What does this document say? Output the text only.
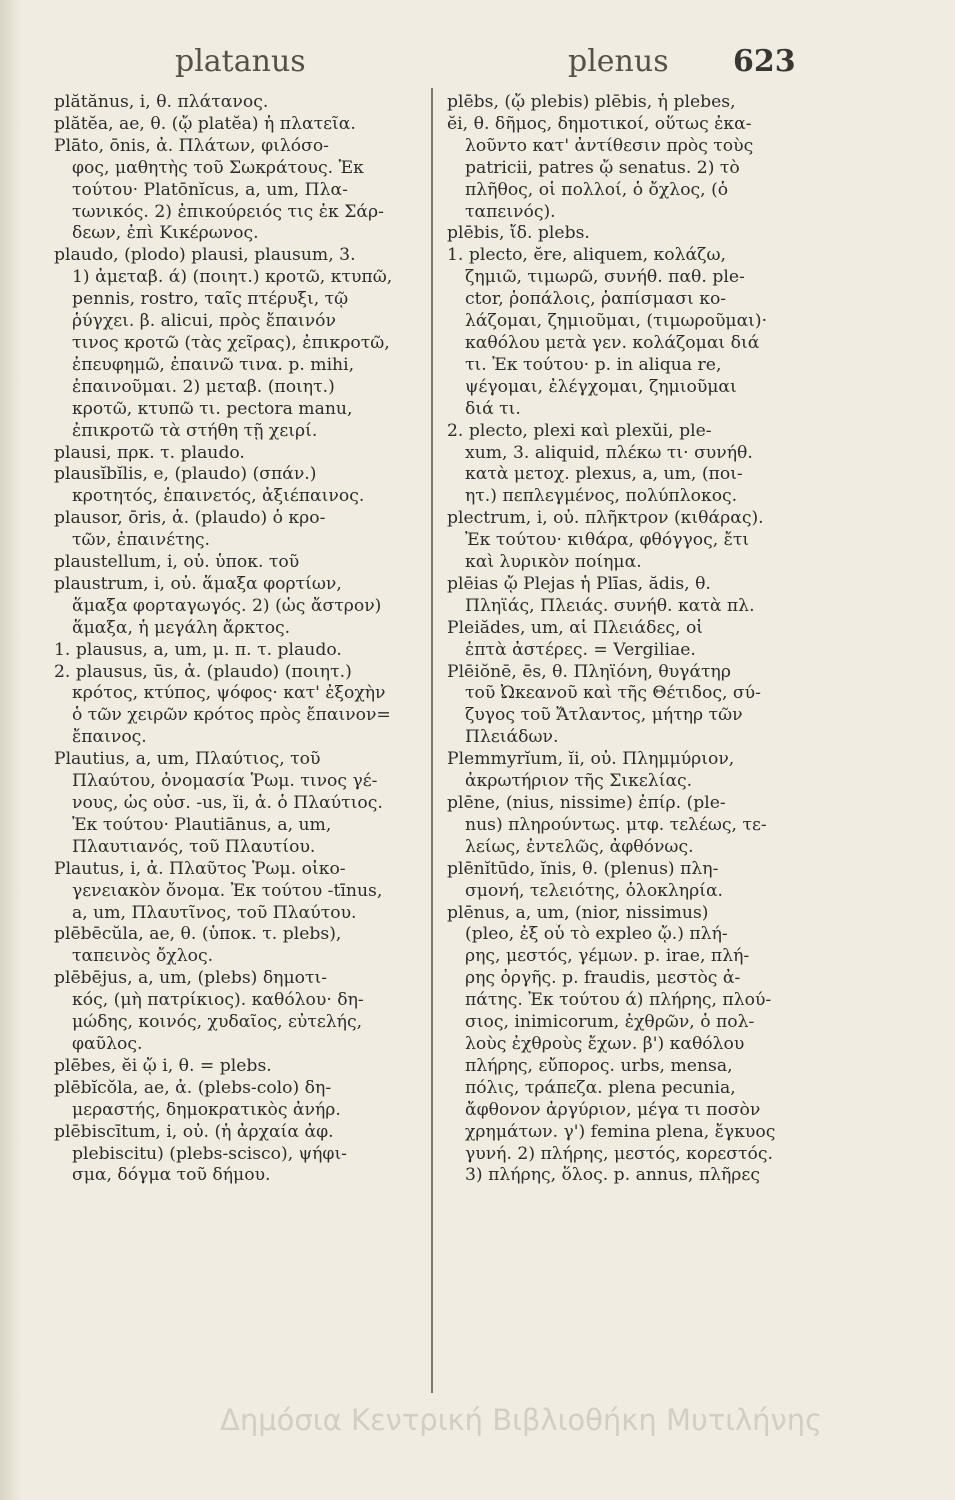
platanus	plenus 623
plătănus, i, θ. πλάτανος.
plătĕa, ae, θ. (ᾤ platĕa) ἡ πλατεῖα.
Plāto, ōnis, ἀ. Πλάτων, φιλόσο-
φος, μαθητὴς τοῦ Σωκράτους. Ἐκ
τούτου· Platōnĭcus, a, um, Πλα-
τωνικός. 2) ἐπικούρειός τις ἐκ Σάρ-
δεων, ἐπὶ Κικέρωνος.
plaudo, (plodo) plausi, plausum, 3.
1) ἀμεταβ. ά) (ποιητ.) κροτῶ, κτυπῶ,
pennis, rostro, ταῖς πτέρυξι, τῷ
ῥύγχει. β. alicui, πρὸς ἔπαινόν
τινος κροτῶ (τὰς χεῖρας), ἐπικροτῶ,
ἐπευφημῶ, ἐπαινῶ τινα. p. mihi,
ἐπαινοῦμαι. 2) μεταβ. (ποιητ.)
κροτῶ, κτυπῶ τι. pectora manu,
ἐπικροτῶ τὰ στήθη τῇ χειρί.
plausi, πρκ. τ. plaudo.
plausĭbĭlis, e, (plaudo) (σπάν.)
κροτητός, ἐπαινετός, ἀξιέπαινος.
plausor, ōris, ἀ. (plaudo) ὁ κρο-
τῶν, ἐπαινέτης.
plaustellum, i, οὐ. ὑποκ. τοῦ
plaustrum, i, οὐ. ἅμαξα φορτίων,
ἅμαξα φορταγωγός. 2) (ὡς ἄστρον)
ἅμαξα, ἡ μεγάλη ἄρκτος.
1. plausus, a, um, μ. π. τ. plaudo.
2. plausus, ūs, ἀ. (plaudo) (ποιητ.)
κρότος, κτύπος, ψόφος· κατ' ἐξοχὴν
ὁ τῶν χειρῶν κρότος πρὸς ἔπαινον=
ἔπαινος.
Plautius, a, um, Πλαύτιος, τοῦ
Πλαύτου, ὀνομασία Ῥωμ. τινος γέ-
νους, ὡς οὐσ. -us, ĭi, ἀ. ὁ Πλαύτιος.
Ἐκ τούτου· Plautiānus, a, um,
Πλαυτιανός, τοῦ Πλαυτίου.
Plautus, i, ἀ. Πλαῦτος Ῥωμ. οἰκο-
γενειακὸν ὄνομα. Ἐκ τούτου -tīnus,
a, um, Πλαυτῖνος, τοῦ Πλαύτου.
plēbēcŭla, ae, θ. (ὑποκ. τ. plebs),
ταπεινὸς ὄχλος.
plēbējus, a, um, (plebs) δημοτι-
κός, (μὴ πατρίκιος). καθόλου· δη-
μώδης, κοινός, χυδαῖος, εὐτελής,
φαῦλος.
plēbes, ĕi ᾤ i, θ. = plebs.
plēbĭcŏla, ae, ἀ. (plebs-colo) δη-
μεραστής, δημοκρατικὸς ἀνήρ.
plēbiscītum, i, οὐ. (ἡ ἀρχαία ἀφ.
plebiscitu) (plebs-scisco), ψήφι-
σμα, δόγμα τοῦ δήμου.
plēbs, (ᾤ plebis) plēbis, ἡ plebes,
ĕi, θ. δῆμος, δημοτικοί, οὕτως ἐκα-
λοῦντο κατ' ἀντίθεσιν πρὸς τοὺς
patricii, patres ᾤ senatus. 2) τὸ
πλῆθος, οἱ πολλοί, ὁ ὄχλος, (ὁ
ταπεινός).
plēbis, ἴδ. plebs.
1. plecto, ĕre, aliquem, κολάζω,
ζημιῶ, τιμωρῶ, συνήθ. παθ. ple-
ctor, ῥοπάλοις, ῥαπίσμασι κο-
λάζομαι, ζημιοῦμαι, (τιμωροῦμαι)·
καθόλου μετὰ γεν. κολάζομαι διά
τι. Ἐκ τούτου· p. in aliqua re,
ψέγομαι, ἐλέγχομαι, ζημιοῦμαι
διά τι.
2. plecto, plexi καὶ plexŭi, ple-
xum, 3. aliquid, πλέκω τι· συνήθ.
κατὰ μετοχ. plexus, a, um, (ποι-
ητ.) πεπλεγμένος, πολύπλοκος.
plectrum, i, οὐ. πλῆκτρον (κιθάρας).
Ἐκ τούτου· κιθάρα, φθόγγος, ἔτι
καὶ λυρικὸν ποίημα.
plēias ᾤ Plejas ἡ Plīas, ădis, θ.
Πληϊάς, Πλειάς. συνήθ. κατὰ πλ.
Pleiădes, um, αἱ Πλειάδες, οἱ
ἑπτὰ ἀστέρες. = Vergiliae.
Plēiŏnē, ēs, θ. Πληϊόνη, θυγάτηρ
τοῦ Ὠκεανοῦ καὶ τῆς Θέτιδος, σύ-
ζυγος τοῦ Ἄτλαντος, μήτηρ τῶν
Πλειάδων.
Plemmyrĭum, ĭi, οὐ. Πλημμύριον,
ἀκρωτήριον τῆς Σικελίας.
plēne, (nius, nissime) ἐπίρ. (ple-
nus) πληρούντως. μτφ. τελέως, τε-
λείως, ἐντελῶς, ἀφθόνως.
plēnĭtūdo, ĭnis, θ. (plenus) πλη-
σμονή, τελειότης, ὁλοκληρία.
plēnus, a, um, (nior, nissimus)
(pleo, ἐξ οὗ τὸ expleo ᾤ.) πλή-
ρης, μεστός, γέμων. p. irae, πλή-
ρης ὀργῆς. p. fraudis, μεστὸς ἀ-
πάτης. Ἐκ τούτου ά) πλήρης, πλού-
σιος, inimicorum, ἐχθρῶν, ὁ πολ-
λοὺς ἐχθροὺς ἔχων. β') καθόλου
πλήρης, εὔπορος. urbs, mensa,
πόλις, τράπεζα. plena pecunia,
ἄφθονον ἀργύριον, μέγα τι ποσὸν
χρημάτων. γ') femina plena, ἔγκυος
γυνή. 2) πλήρης, μεστός, κορεστός.
3) πλήρης, ὅλος. p. annus, πλῆρες
Δημόσια Κεντρική Βιβλιοθήκη Μυτιλήνης
